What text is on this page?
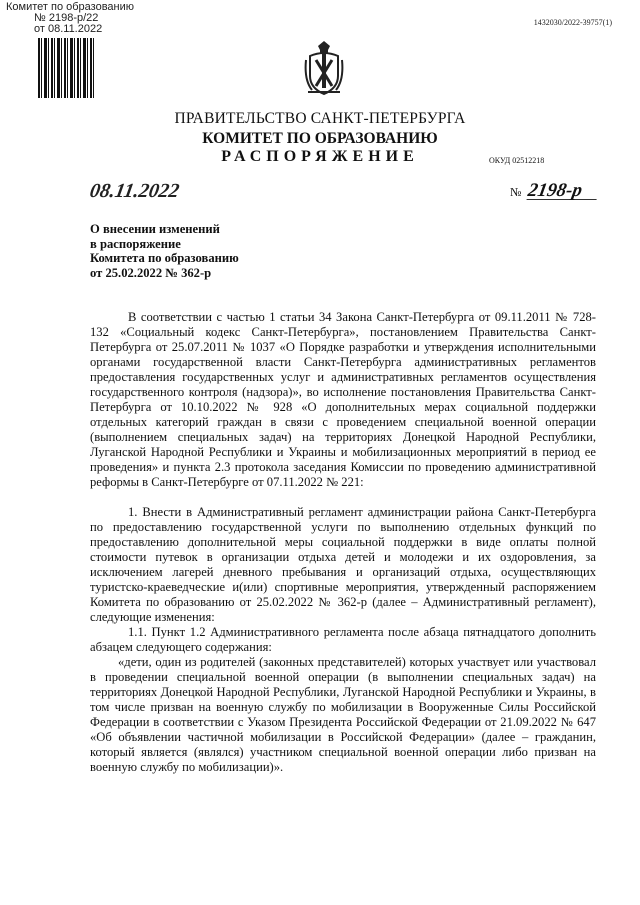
Комитет по образованию
№ 2198-р/22
от 08.11.2022
1432030/2022-39757(1)
ПРАВИТЕЛЬСТВО САНКТ-ПЕТЕРБУРГА
КОМИТЕТ ПО ОБРАЗОВАНИЮ
РАСПОРЯЖЕНИЕ	ОКУД 02512218
08.11.2022	№ 2198-р
О внесении изменений
в распоряжение
Комитета по образованию
от 25.02.2022 № 362-р

В соответствии с частью 1 статьи 34 Закона Санкт-Петербурга от 09.11.2011 № 728-132 «Социальный кодекс Санкт-Петербурга», постановлением Правительства Санкт-Петербурга от 25.07.2011 № 1037 «О Порядке разработки и утверждения исполнительными органами государственной власти Санкт-Петербурга административных регламентов предоставления государственных услуг и административных регламентов осуществления государственного контроля (надзора)», во исполнение постановления Правительства Санкт-Петербурга от 10.10.2022 № 928 «О дополнительных мерах социальной поддержки отдельных категорий граждан в связи с проведением специальной военной операции (выполнением специальных задач) на территориях Донецкой Народной Республики, Луганской Народной Республики и Украины и мобилизационных мероприятий в период ее проведения» и пункта 2.3 протокола заседания Комиссии по проведению административной реформы в Санкт-Петербурге от 07.11.2022 № 221:

1. Внести в Административный регламент администрации района Санкт-Петербурга по предоставлению государственной услуги по выполнению отдельных функций по предоставлению дополнительной меры социальной поддержки в виде оплаты полной стоимости путевок в организации отдыха детей и молодежи и их оздоровления, за исключением лагерей дневного пребывания и организаций отдыха, осуществляющих туристско-краеведческие и(или) спортивные мероприятия, утвержденный распоряжением Комитета по образованию от 25.02.2022 № 362-р (далее – Административный регламент), следующие изменения:

1.1. Пункт 1.2 Административного регламента после абзаца пятнадцатого дополнить абзацем следующего содержания:

«дети, один из родителей (законных представителей) которых участвует или участвовал в проведении специальной военной операции (в выполнении специальных задач) на территориях Донецкой Народной Республики, Луганской Народной Республики и Украины, в том числе призван на военную службу по мобилизации в Вооруженные Силы Российской Федерации в соответствии с Указом Президента Российской Федерации от 21.09.2022 № 647 «Об объявлении частичной мобилизации в Российской Федерации» (далее – гражданин, который является (являлся) участником специальной военной операции либо призван на военную службу по мобилизации)».
